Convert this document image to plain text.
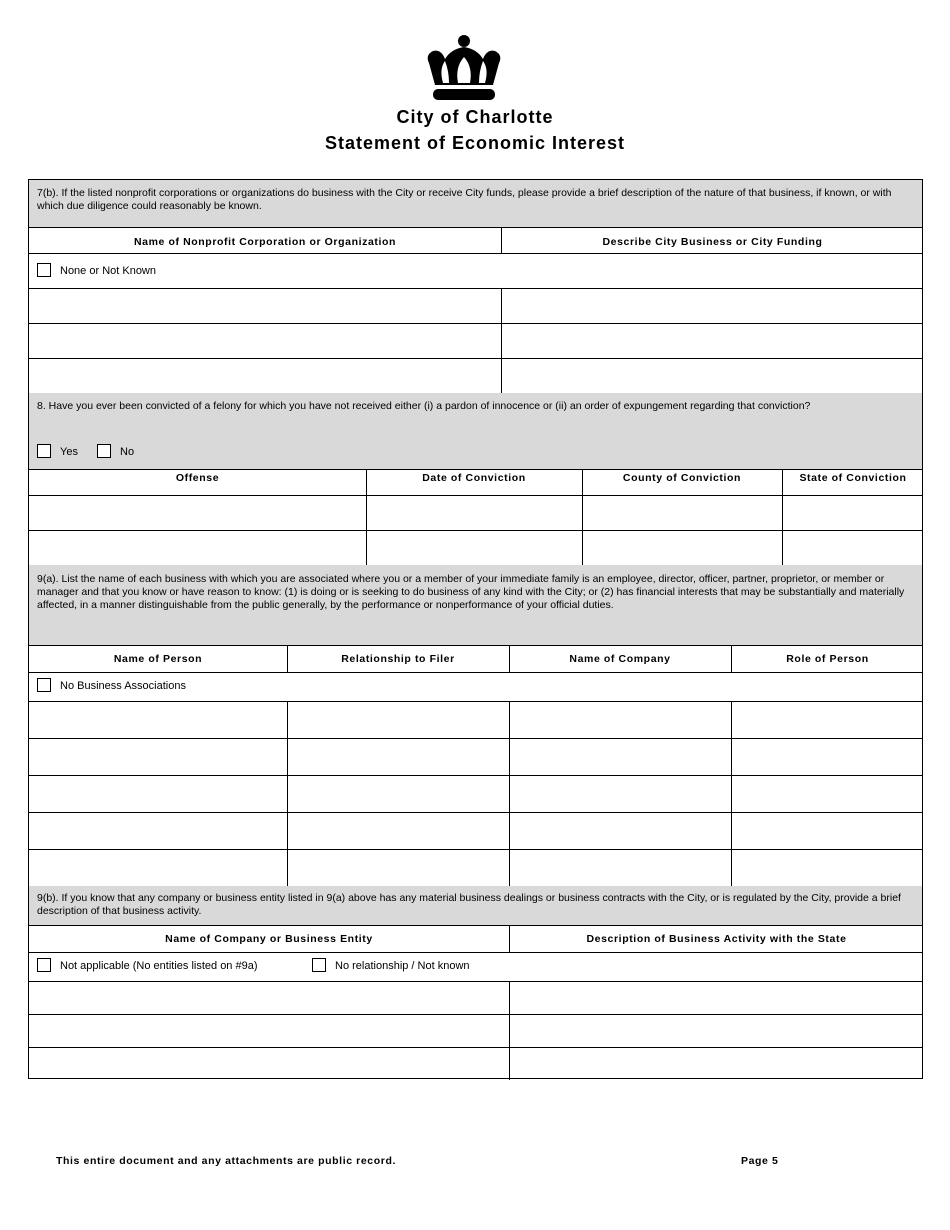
City of Charlotte
Statement of Economic Interest
7(b). If the listed nonprofit corporations or organizations do business with the City or receive City funds, please provide a brief description of the nature of that business, if known, or with which due diligence could reasonably be known.
Name of Nonprofit Corporation or Organization	Describe City Business or City Funding
None or Not Known
8. Have you ever been convicted of a felony for which you have not received either (i) a pardon of innocence or (ii) an order of expungement regarding that conviction?
Yes	No
Offense	Date of Conviction	County of Conviction	State of Conviction
9(a). List the name of each business with which you are associated where you or a member of your immediate family is an employee, director, officer, partner, proprietor, or member or manager and that you know or have reason to know: (1) is doing or is seeking to do business of any kind with the City; or (2) has financial interests that may be substantially and materially affected, in a manner distinguishable from the public generally, by the performance or nonperformance of your official duties.
Name of Person	Relationship to Filer	Name of Company	Role of Person
No Business Associations
9(b). If you know that any company or business entity listed in 9(a) above has any material business dealings or business contracts with the City, or is regulated by the City, provide a brief description of that business activity.
Name of Company or Business Entity	Description of Business Activity with the State
Not applicable (No entities listed on #9a)	No relationship / Not known
This entire document and any attachments are public record.	Page 5
